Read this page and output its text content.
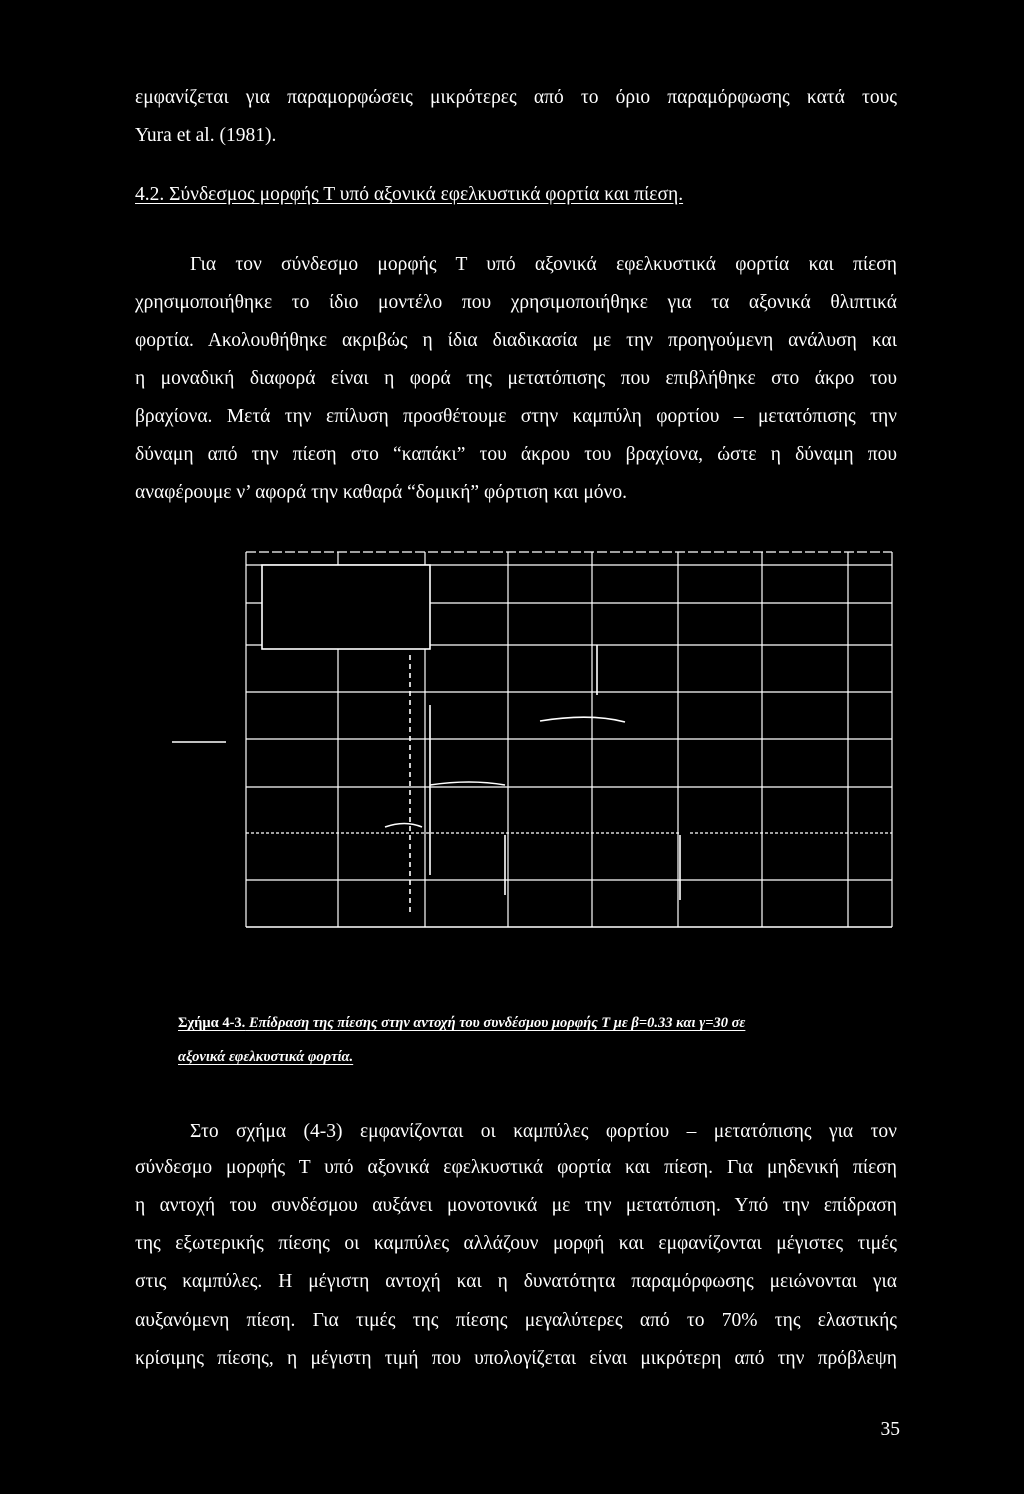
εμφανίζεται για παραμορφώσεις μικρότερες από το όριο παραμόρφωσης κατά τους

Yura et al. (1981).

4.2. Σύνδεσμος μορφής Τ υπό αξονικά εφελκυστικά φορτία και πίεση.

Για τον σύνδεσμο μορφής Τ υπό αξονικά εφελκυστικά φορτία και πίεση

χρησιμοποιήθηκε το ίδιο μοντέλο που χρησιμοποιήθηκε για τα αξονικά θλιπτικά

φορτία. Ακολουθήθηκε ακριβώς η ίδια διαδικασία με την προηγούμενη ανάλυση και

η μοναδική διαφορά είναι η φορά της μετατόπισης που επιβλήθηκε στο άκρο του

βραχίονα. Μετά την επίλυση προσθέτουμε στην καμπύλη φορτίου – μετατόπισης την

δύναμη από την πίεση στο “καπάκι” του άκρου του βραχίονα, ώστε η δύναμη που

αναφέρουμε ν’ αφορά την καθαρά “δομική” φόρτιση και μόνο.

Σχήμα 4-3. Επίδραση της πίεσης στην αντοχή του συνδέσμου μορφής Τ με β=0.33 και γ=30 σε

αξονικά εφελκυστικά φορτία.

Στο σχήμα (4-3) εμφανίζονται οι καμπύλες φορτίου – μετατόπισης για τον

σύνδεσμο μορφής Τ υπό αξονικά εφελκυστικά φορτία και πίεση. Για μηδενική πίεση

η αντοχή του συνδέσμου αυξάνει μονοτονικά με την μετατόπιση. Υπό την επίδραση

της εξωτερικής πίεσης οι καμπύλες αλλάζουν μορφή και εμφανίζονται μέγιστες τιμές

στις καμπύλες. Η μέγιστη αντοχή και η δυνατότητα παραμόρφωσης μειώνονται για

αυξανόμενη πίεση. Για τιμές της πίεσης μεγαλύτερες από το 70% της ελαστικής

κρίσιμης πίεσης, η μέγιστη τιμή που υπολογίζεται είναι μικρότερη από την πρόβλεψη

35
